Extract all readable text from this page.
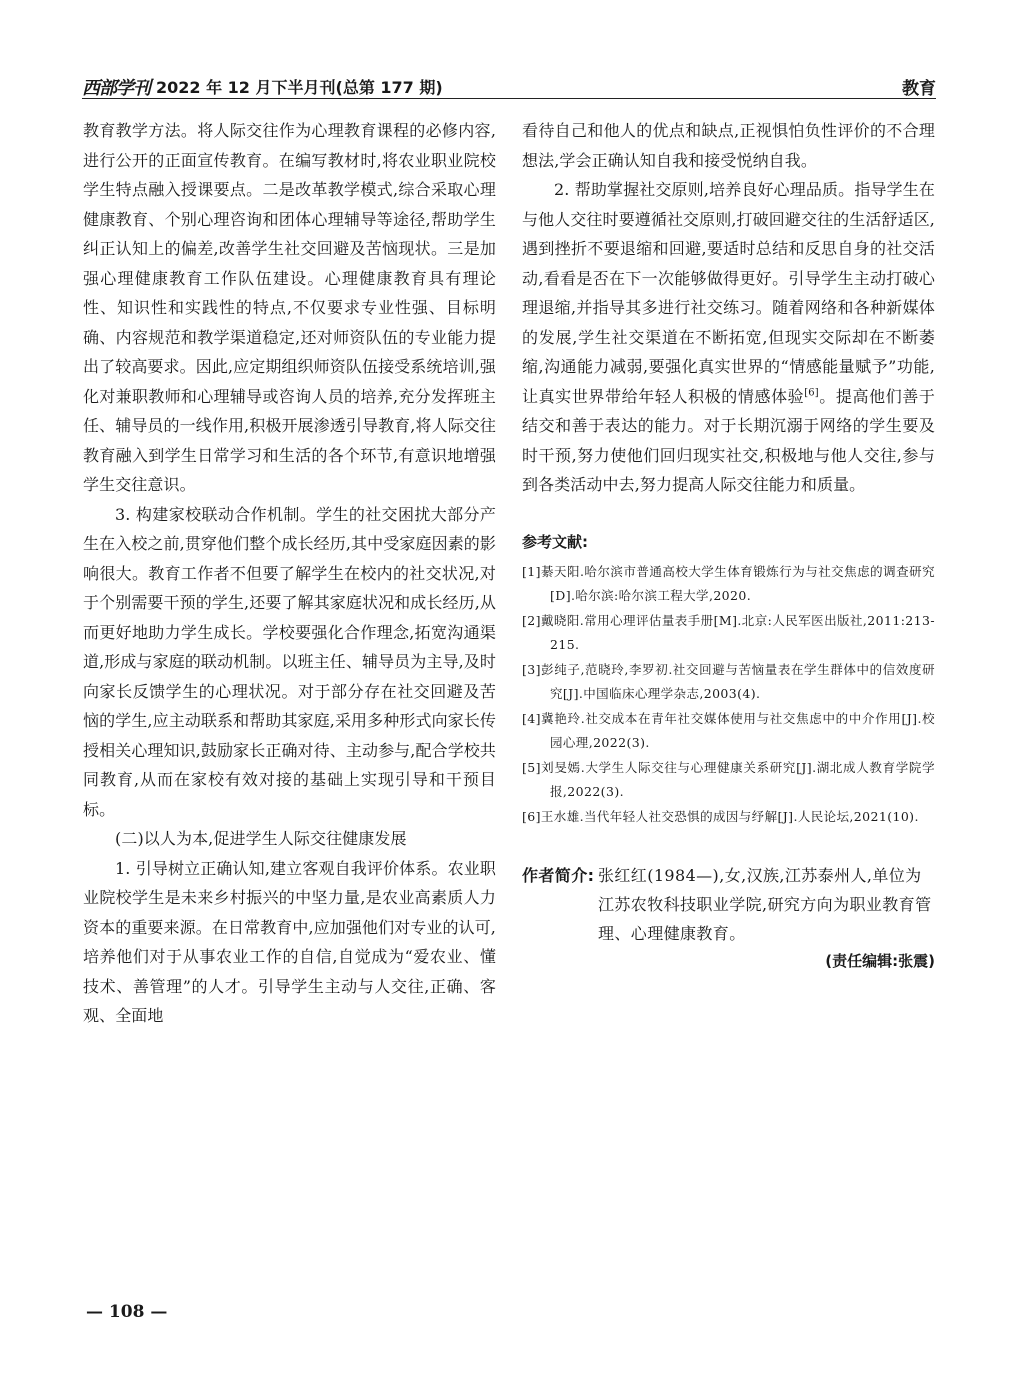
西部学刊 2022 年 12 月下半月刊(总第 177 期)	教育

教育教学方法。将人际交往作为心理教育课程的必修内容,进行公开的正面宣传教育。在编写教材时,将农业职业院校学生特点融入授课要点。二是改革教学模式,综合采取心理健康教育、个别心理咨询和团体心理辅导等途径,帮助学生纠正认知上的偏差,改善学生社交回避及苦恼现状。三是加强心理健康教育工作队伍建设。心理健康教育具有理论性、知识性和实践性的特点,不仅要求专业性强、目标明确、内容规范和教学渠道稳定,还对师资队伍的专业能力提出了较高要求。因此,应定期组织师资队伍接受系统培训,强化对兼职教师和心理辅导或咨询人员的培养,充分发挥班主任、辅导员的一线作用,积极开展渗透引导教育,将人际交往教育融入到学生日常学习和生活的各个环节,有意识地增强学生交往意识。

3. 构建家校联动合作机制。学生的社交困扰大部分产生在入校之前,贯穿他们整个成长经历,其中受家庭因素的影响很大。教育工作者不但要了解学生在校内的社交状况,对于个别需要干预的学生,还要了解其家庭状况和成长经历,从而更好地助力学生成长。学校要强化合作理念,拓宽沟通渠道,形成与家庭的联动机制。以班主任、辅导员为主导,及时向家长反馈学生的心理状况。对于部分存在社交回避及苦恼的学生,应主动联系和帮助其家庭,采用多种形式向家长传授相关心理知识,鼓励家长正确对待、主动参与,配合学校共同教育,从而在家校有效对接的基础上实现引导和干预目标。

(二)以人为本,促进学生人际交往健康发展

1. 引导树立正确认知,建立客观自我评价体系。农业职业院校学生是未来乡村振兴的中坚力量,是农业高素质人力资本的重要来源。在日常教育中,应加强他们对专业的认可,培养他们对于从事农业工作的自信,自觉成为“爱农业、懂技术、善管理”的人才。引导学生主动与人交往,正确、客观、全面地

看待自己和他人的优点和缺点,正视惧怕负性评价的不合理想法,学会正确认知自我和接受悦纳自我。

2. 帮助掌握社交原则,培养良好心理品质。指导学生在与他人交往时要遵循社交原则,打破回避交往的生活舒适区,遇到挫折不要退缩和回避,要适时总结和反思自身的社交活动,看看是否在下一次能够做得更好。引导学生主动打破心理退缩,并指导其多进行社交练习。随着网络和各种新媒体的发展,学生社交渠道在不断拓宽,但现实交际却在不断萎缩,沟通能力减弱,要强化真实世界的“情感能量赋予”功能,让真实世界带给年轻人积极的情感体验[6]。提高他们善于结交和善于表达的能力。对于长期沉溺于网络的学生要及时干预,努力使他们回归现实社交,积极地与他人交往,参与到各类活动中去,努力提高人际交往能力和质量。

参考文献:
[1]綦天阳.哈尔滨市普通高校大学生体育锻炼行为与社交焦虑的调查研究[D].哈尔滨:哈尔滨工程大学,2020.
[2]戴晓阳.常用心理评估量表手册[M].北京:人民军医出版社,2011:213-215.
[3]彭纯子,范晓玲,李罗初.社交回避与苦恼量表在学生群体中的信效度研究[J].中国临床心理学杂志,2003(4).
[4]冀艳玲.社交成本在青年社交媒体使用与社交焦虑中的中介作用[J].校园心理,2022(3).
[5]刘旻嫣.大学生人际交往与心理健康关系研究[J].湖北成人教育学院学报,2022(3).
[6]王水雄.当代年轻人社交恐惧的成因与纾解[J].人民论坛,2021(10).
作者简介: 张红红(1984—),女,汉族,江苏泰州人,单位为江苏农牧科技职业学院,研究方向为职业教育管理、心理健康教育。
(责任编辑:张震)
— 108 —
